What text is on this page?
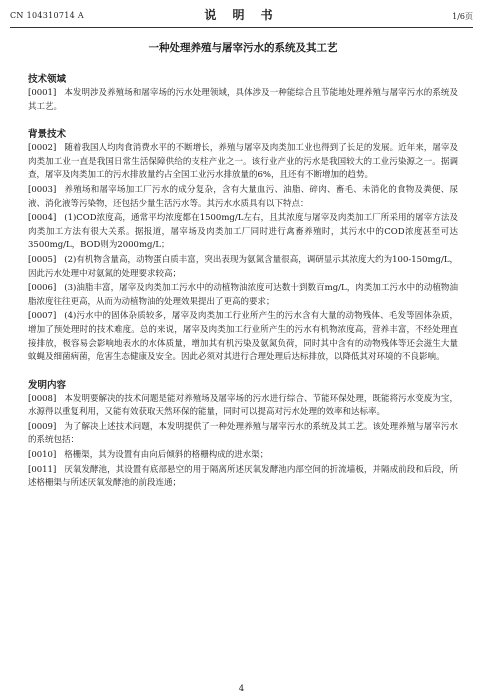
CN 104310714 A	说 明 书	1/6页
一种处理养殖与屠宰污水的系统及其工艺
技术领域

[0001] 本发明涉及养殖场和屠宰场的污水处理领域，具体涉及一种能综合且节能地处理养殖与屠宰污水的系统及其工艺。

背景技术

[0002] 随着我国人均肉食消费水平的不断增长，养殖与屠宰及肉类加工业也得到了长足的发展。近年来，屠宰及肉类加工业一直是我国日常生活保障供给的支柱产业之一。该行业产业的污水是我国较大的工业污染源之一。据调查，屠宰及肉类加工的污水排放量约占全国工业污水排放量的6%，且还有不断增加的趋势。

[0003] 养殖场和屠宰场加工厂污水的成分复杂，含有大量血污、油脂、碎肉、畜毛、未消化的食物及粪便、尿液、消化液等污染物，还包括少量生活污水等。其污水水质具有以下特点：

[0004] (1)COD浓度高，通常平均浓度都在1500mg/L左右，且其浓度与屠宰及肉类加工厂所采用的屠宰方法及肉类加工方法有很大关系。据报道，屠宰场及肉类加工厂同时进行禽畜养殖时，其污水中的COD浓度甚至可达3500mg/L，BOD则为2000mg/L；

[0005] (2)有机物含量高，动物蛋白质丰富，突出表现为氨氮含量很高，调研显示其浓度大约为100-150mg/L，因此污水处理中对氨氮的处理要求较高；

[0006] (3)油脂丰富，屠宰及肉类加工污水中的动植物油浓度可达数十到数百mg/L，肉类加工污水中的动植物油脂浓度往往更高，从而为动植物油的处理效果提出了更高的要求；

[0007] (4)污水中的固体杂质较多，屠宰及肉类加工行业所产生的污水含有大量的动物残体、毛发等固体杂质，增加了预处理时的技术难度。总的来说，屠宰及肉类加工行业所产生的污水有机物浓度高，营养丰富，不经处理直接排放，极容易会影响地表水的水体质量，增加其有机污染及氨氮负荷，同时其中含有的动物残体等还会滋生大量蚊蝇及细菌病菌，危害生态健康及安全。因此必须对其进行合理处理后达标排放，以降低其对环境的不良影响。

发明内容

[0008] 本发明要解决的技术问题是能对养殖场及屠宰场的污水进行综合、节能环保处理，既能将污水变废为宝，水源得以重复利用，又能有效获取天然环保的能量，同时可以提高对污水处理的效率和达标率。

[0009] 为了解决上述技术问题，本发明提供了一种处理养殖与屠宰污水的系统及其工艺。该处理养殖与屠宰污水的系统包括：

[0010] 格栅渠，其为设置有由向后倾斜的格栅构成的进水渠；

[0011] 厌氧发酵池，其设置有底部悬空的用于隔离所述厌氧发酵池内部空间的折流墙板，并隔成前段和后段，所述格栅渠与所述厌氧发酵池的前段连通；

4
